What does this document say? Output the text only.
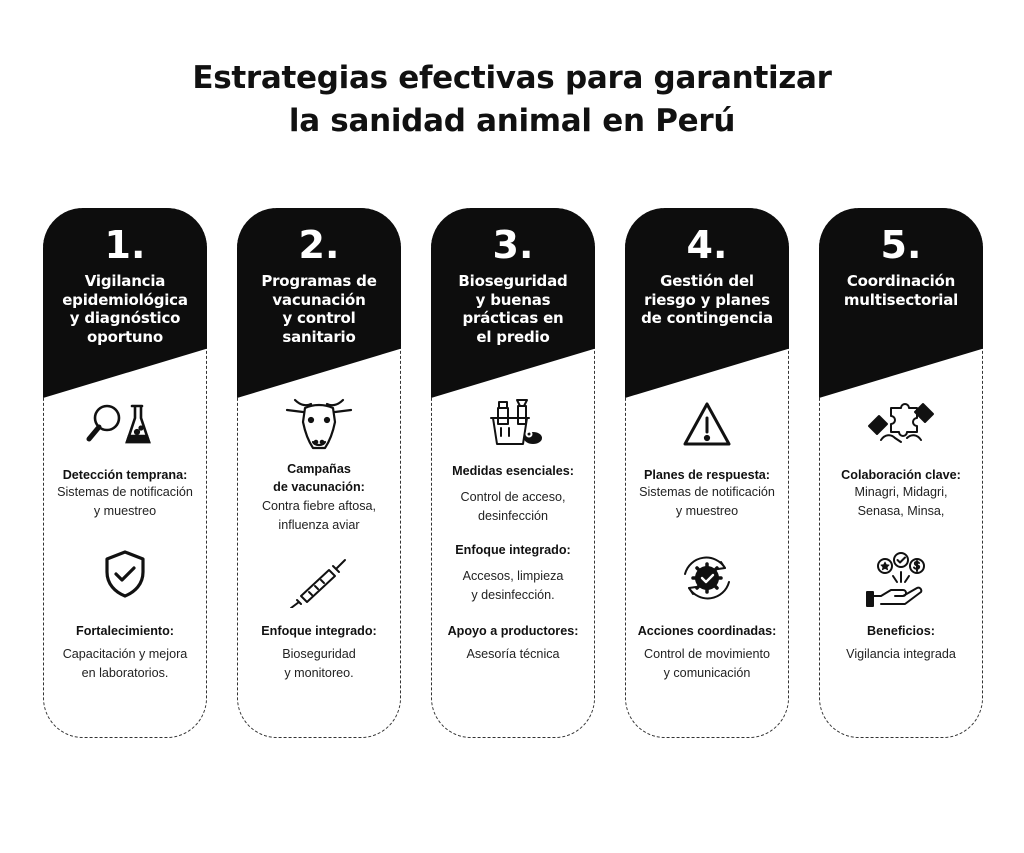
Estrategias efectivas para garantizar
la sanidad animal en Perú
1.
Vigilancia
epidemiológica
y diagnóstico
oportuno
Detección temprana:
Sistemas de notificación
y muestreo
Fortalecimiento:
Capacitación y mejora
en laboratorios.
2.
Programas de
vacunación
y control
sanitario
Campañas
de vacunación:
Contra fiebre aftosa,
influenza aviar
Enfoque integrado:
Bioseguridad
y monitoreo.
3.
Bioseguridad
y buenas
prácticas en
el predio
Medidas esenciales:
Control de acceso,
desinfección
Enfoque integrado:
Accesos, limpieza
y desinfección.
Apoyo a productores:
Asesoría técnica
4.
Gestión del
riesgo y planes
de contingencia
Planes de respuesta:
Sistemas de notificación
y muestreo
Acciones coordinadas:
Control de movimiento
y comunicación
5.
Coordinación
multisectorial
Colaboración clave:
Minagri, Midagri,
Senasa, Minsa,
Beneficios:
Vigilancia integrada
